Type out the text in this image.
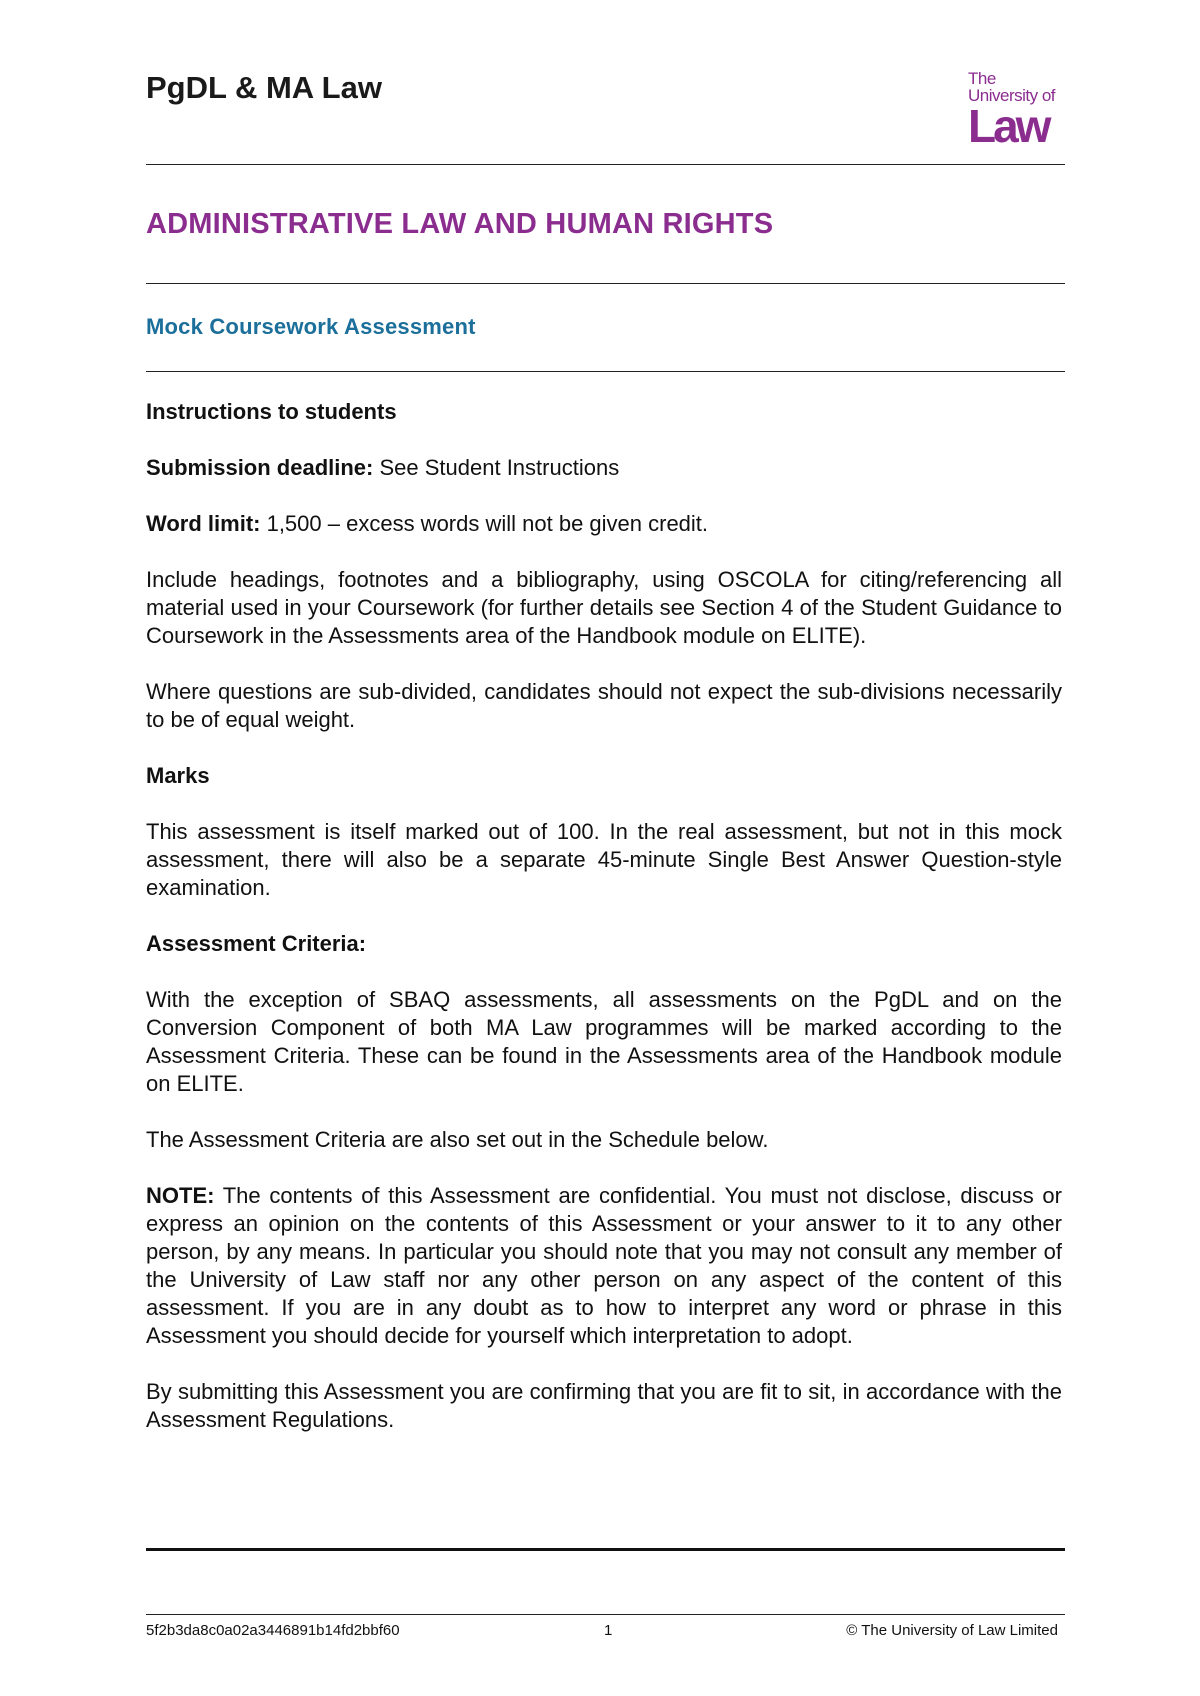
PgDL & MA Law	The
University of
Law
ADMINISTRATIVE LAW AND HUMAN RIGHTS
Mock Coursework Assessment

Instructions to students

Submission deadline: See Student Instructions

Word limit: 1,500 – excess words will not be given credit.

Include headings, footnotes and a bibliography, using OSCOLA for citing/referencing all material used in your Coursework (for further details see Section 4 of the Student Guidance to Coursework in the Assessments area of the Handbook module on ELITE).

Where questions are sub-divided, candidates should not expect the sub-divisions necessarily to be of equal weight.

Marks

This assessment is itself marked out of 100. In the real assessment, but not in this mock assessment, there will also be a separate 45-minute Single Best Answer Question-style examination.

Assessment Criteria:

With the exception of SBAQ assessments, all assessments on the PgDL and on the Conversion Component of both MA Law programmes will be marked according to the Assessment Criteria. These can be found in the Assessments area of the Handbook module on ELITE.

The Assessment Criteria are also set out in the Schedule below.

NOTE: The contents of this Assessment are confidential. You must not disclose, discuss or express an opinion on the contents of this Assessment or your answer to it to any other person, by any means. In particular you should note that you may not consult any member of the University of Law staff nor any other person on any aspect of the content of this assessment. If you are in any doubt as to how to interpret any word or phrase in this Assessment you should decide for yourself which interpretation to adopt.

By submitting this Assessment you are confirming that you are fit to sit, in accordance with the Assessment Regulations.

5f2b3da8c0a02a3446891b14fd2bbf60	1	© The University of Law Limited
